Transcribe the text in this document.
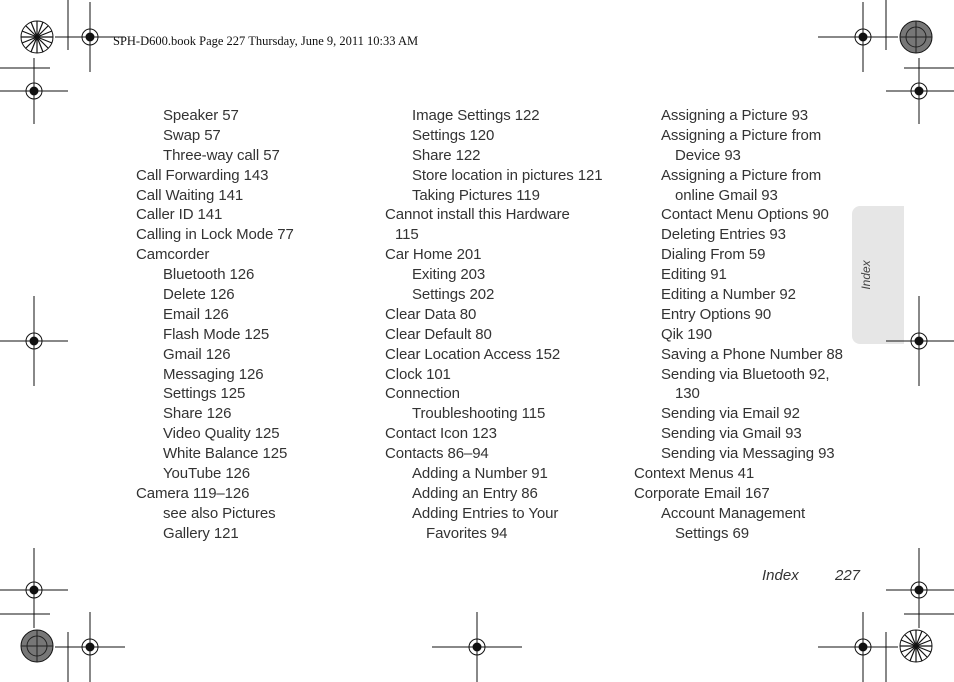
SPH-D600.book Page 227 Thursday, June 9, 2011 10:33 AM
Speaker 57
Swap 57
Three-way call 57
Call Forwarding 143
Call Waiting 141
Caller ID 141
Calling in Lock Mode 77
Camcorder
Bluetooth 126
Delete 126
Email 126
Flash Mode 125
Gmail 126
Messaging 126
Settings 125
Share 126
Video Quality 125
White Balance 125
YouTube 126
Camera 119–126
see also Pictures
Gallery 121
Image Settings 122
Settings 120
Share 122
Store location in pictures 121
Taking Pictures 119
Cannot install this Hardware
115
Car Home 201
Exiting 203
Settings 202
Clear Data 80
Clear Default 80
Clear Location Access 152
Clock 101
Connection
Troubleshooting 115
Contact Icon 123
Contacts 86–94
Adding a Number 91
Adding an Entry 86
Adding Entries to Your
Favorites 94
Assigning a Picture 93
Assigning a Picture from
Device 93
Assigning a Picture from
online Gmail 93
Contact Menu Options 90
Deleting Entries 93
Dialing From 59
Editing 91
Editing a Number 92
Entry Options 90
Qik 190
Saving a Phone Number 88
Sending via Bluetooth 92,
130
Sending via Email 92
Sending via Gmail 93
Sending via Messaging 93
Context Menus 41
Corporate Email 167
Account Management
Settings 69
Index
Index 227
